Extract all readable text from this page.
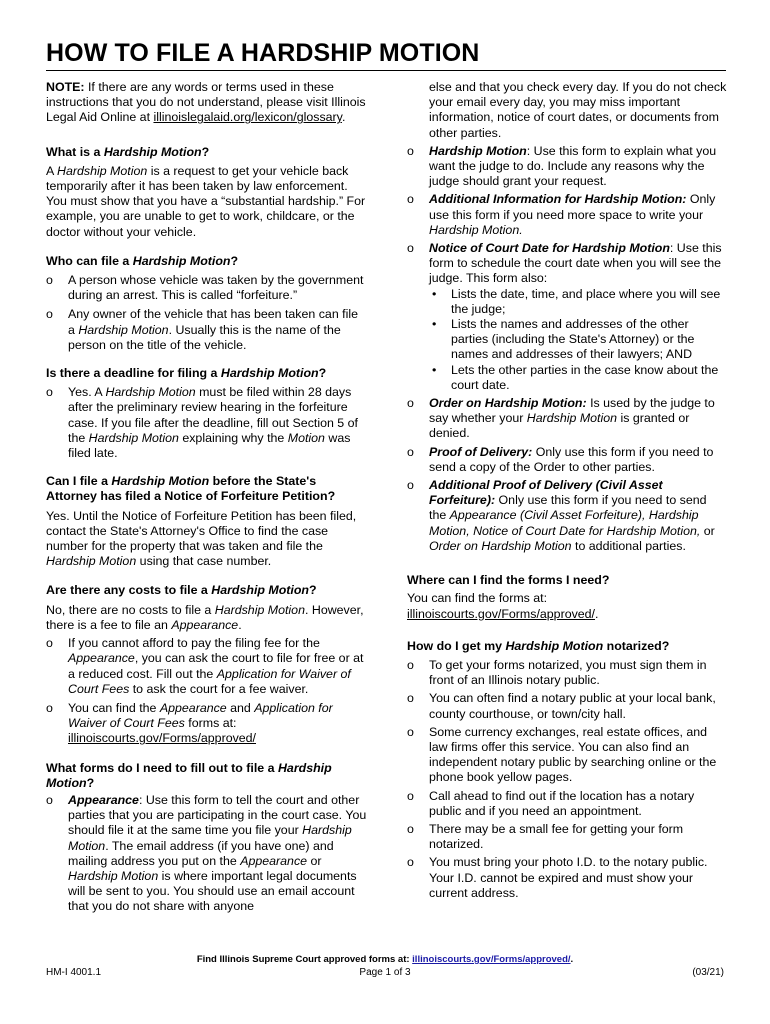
HOW TO FILE A HARDSHIP MOTION

NOTE: If there are any words or terms used in these instructions that you do not understand, please visit Illinois Legal Aid Online at illinoislegalaid.org/lexicon/glossary.

What is a Hardship Motion?

A Hardship Motion is a request to get your vehicle back temporarily after it has been taken by law enforcement. You must show that you have a “substantial hardship.” For example, you are unable to get to work, childcare, or the doctor without your vehicle.

Who can file a Hardship Motion?

o A person whose vehicle was taken by the government during an arrest. This is called “forfeiture.”
o Any owner of the vehicle that has been taken can file a Hardship Motion. Usually this is the name of the person on the title of the vehicle.

Is there a deadline for filing a Hardship Motion?

o Yes. A Hardship Motion must be filed within 28 days after the preliminary review hearing in the forfeiture case. If you file after the deadline, fill out Section 5 of the Hardship Motion explaining why the Motion was filed late.

Can I file a Hardship Motion before the State's Attorney has filed a Notice of Forfeiture Petition?

Yes. Until the Notice of Forfeiture Petition has been filed, contact the State's Attorney's Office to find the case number for the property that was taken and file the Hardship Motion using that case number.

Are there any costs to file a Hardship Motion?

No, there are no costs to file a Hardship Motion. However, there is a fee to file an Appearance.

o If you cannot afford to pay the filing fee for the Appearance, you can ask the court to file for free or at a reduced cost. Fill out the Application for Waiver of Court Fees to ask the court for a fee waiver.
o You can find the Appearance and Application for Waiver of Court Fees forms at: illinoiscourts.gov/Forms/approved/

What forms do I need to fill out to file a Hardship Motion?

o Appearance: Use this form to tell the court and other parties that you are participating in the court case. You should file it at the same time you file your Hardship Motion. The email address (if you have one) and mailing address you put on the Appearance or Hardship Motion is where important legal documents will be sent to you. You should use an email account that you do not share with anyone

else and that you check every day. If you do not check your email every day, you may miss important information, notice of court dates, or documents from other parties.

o Hardship Motion: Use this form to explain what you want the judge to do. Include any reasons why the judge should grant your request.
o Additional Information for Hardship Motion: Only use this form if you need more space to write your Hardship Motion.
o Notice of Court Date for Hardship Motion: Use this form to schedule the court date when you will see the judge. This form also:
• Lists the date, time, and place where you will see the judge;
• Lists the names and addresses of the other parties (including the State's Attorney) or the names and addresses of their lawyers; AND
• Lets the other parties in the case know about the court date.
o Order on Hardship Motion: Is used by the judge to say whether your Hardship Motion is granted or denied.
o Proof of Delivery: Only use this form if you need to send a copy of the Order to other parties.
o Additional Proof of Delivery (Civil Asset Forfeiture): Only use this form if you need to send the Appearance (Civil Asset Forfeiture), Hardship Motion, Notice of Court Date for Hardship Motion, or Order on Hardship Motion to additional parties.

Where can I find the forms I need?

You can find the forms at:
illinoiscourts.gov/Forms/approved/.

How do I get my Hardship Motion notarized?

o To get your forms notarized, you must sign them in front of an Illinois notary public.
o You can often find a notary public at your local bank, county courthouse, or town/city hall.
o Some currency exchanges, real estate offices, and law firms offer this service. You can also find an independent notary public by searching online or the phone book yellow pages.
o Call ahead to find out if the location has a notary public and if you need an appointment.
o There may be a small fee for getting your form notarized.
o You must bring your photo I.D. to the notary public. Your I.D. cannot be expired and must show your current address.
Find Illinois Supreme Court approved forms at: illinoiscourts.gov/Forms/approved/.
HM-I 4001.1	Page 1 of 3	(03/21)
